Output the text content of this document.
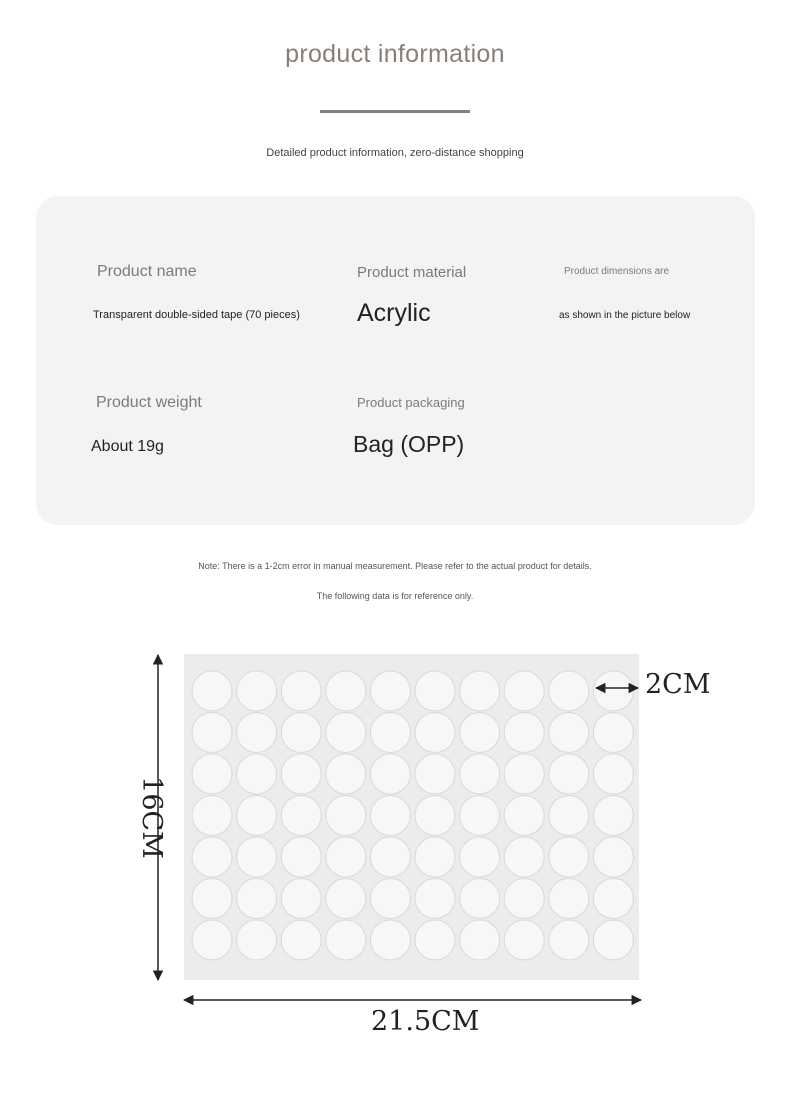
product information
Detailed product information, zero-distance shopping
Product name
Transparent double-sided tape (70 pieces)
Product material
Acrylic
Product dimensions are
as shown in the picture below
Product weight
About 19g
Product packaging
Bag (OPP)
Note: There is a 1-2cm error in manual measurement. Please refer to the actual product for details.
The following data is for reference only.
2CM
16CM
21.5CM
